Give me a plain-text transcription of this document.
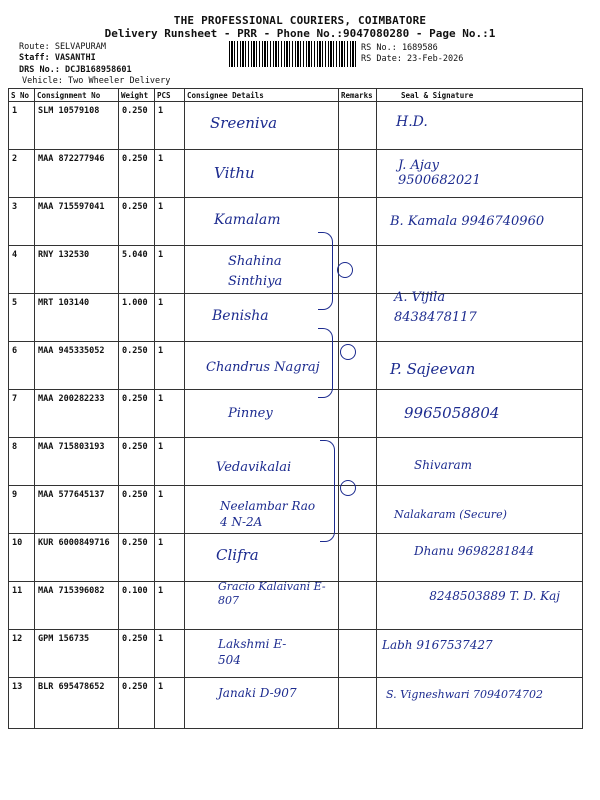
THE PROFESSIONAL COURIERS, COIMBATORE
Delivery Runsheet - PRR - Phone No.:9047080280 - Page No.:1
Route: SELVAPURAM
Staff: VASANTHI
DRS No.: DCJB168958601
Vehicle: Two Wheeler Delivery
RS No.: 1689586
RS Date: 23-Feb-2026
S No	Consignment No	Weight	PCS	Consignee Details	Remarks	Seal & Signature
1	SLM 10579108	0.250	1	Sreeniva		H.D.

2	MAA 872277946	0.250	1	Vithu		J. Ajay 9500682021

3	MAA 715597041	0.250	1	Kamalam		B. Kamala 9946740960

4	RNY 132530	5.040	1	Shahina Sinthiya		

5	MRT 103140	1.000	1	Benisha		A. Vijila 8438478117

6	MAA 945335052	0.250	1	Chandrus Nagraj		P. Sajeevan

7	MAA 200282233	0.250	1	Pinney		9965058804

8	MAA 715803193	0.250	1	Vedavikalai		Shivaram

9	MAA 577645137	0.250	1	Neelambar Rao 4 N-2A		Nalakaram (Secure)

10	KUR 6000849716	0.250	1	Clifra		Dhanu 9698281844

11	MAA 715396082	0.100	1	Gracio Kalaivani E-807		8248503889 T. D. Kaj

12	GPM 156735	0.250	1	Lakshmi E-504		Labh 9167537427

13	BLR 695478652	0.250	1	Janaki D-907		S. Vigneshwari 7094074702
